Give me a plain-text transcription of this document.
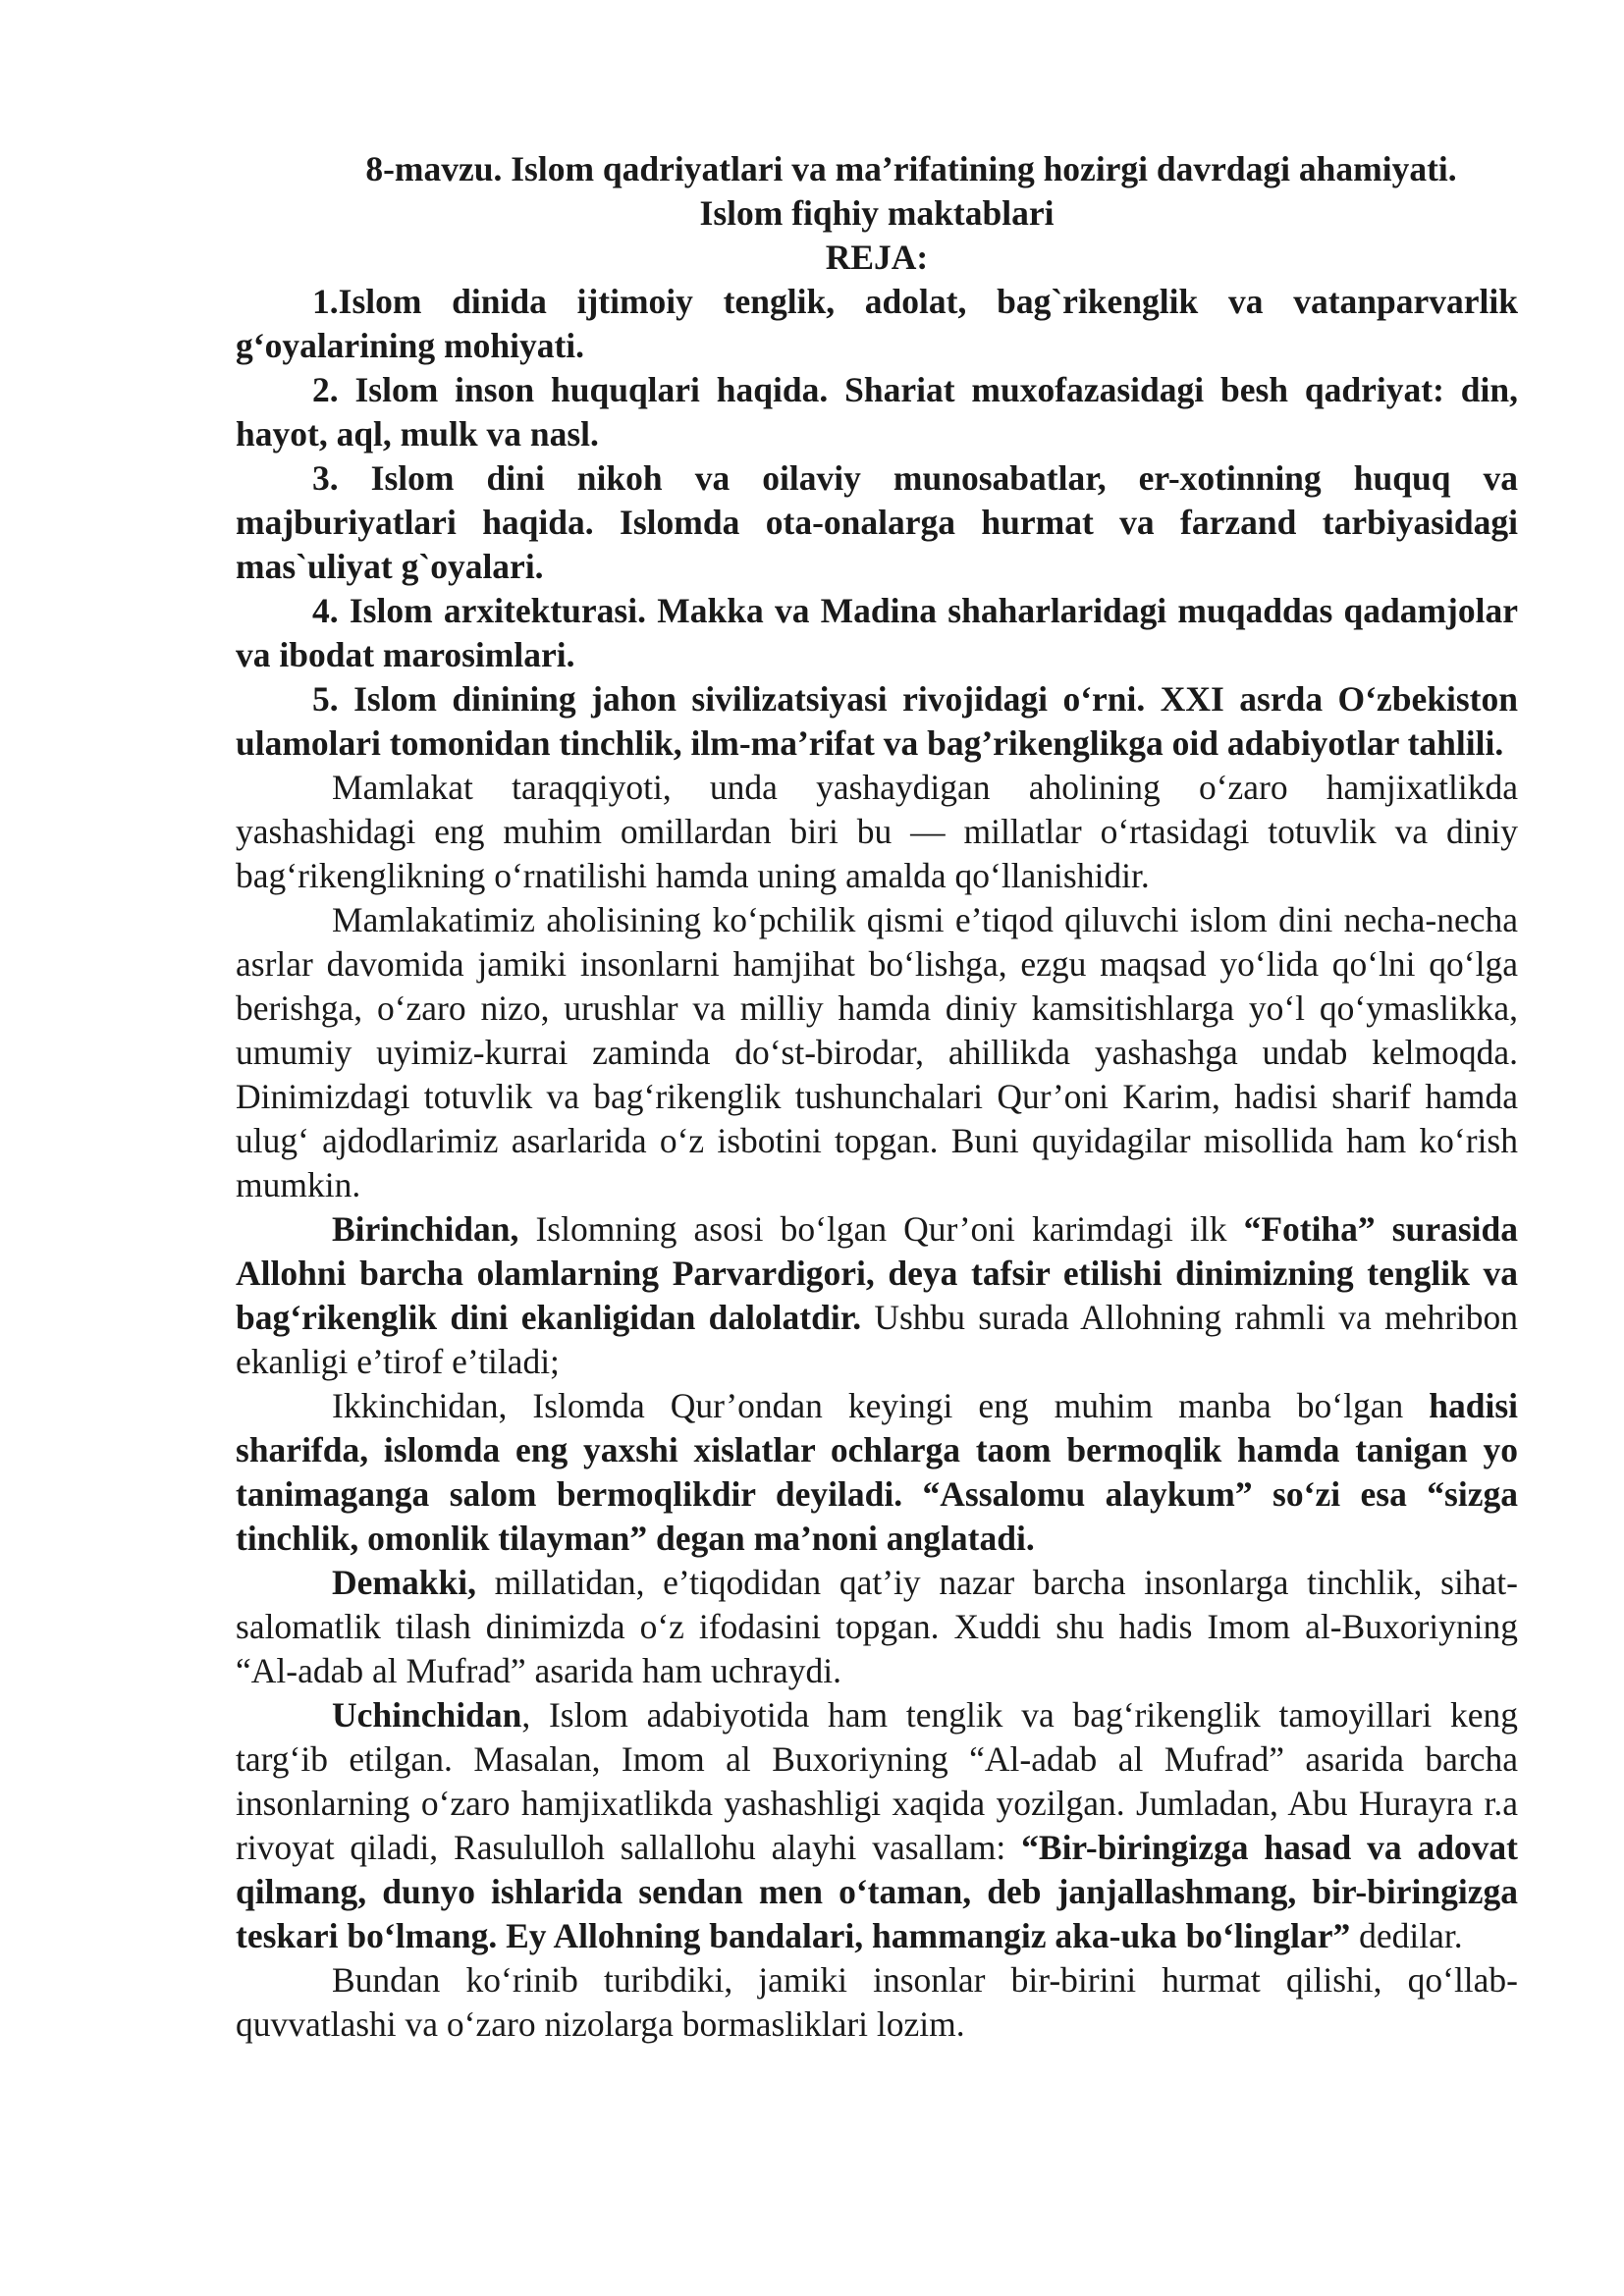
8-mavzu. Islom qadriyatlari va ma’rifatining hozirgi davrdagi ahamiyati.
Islom fiqhiy maktablari
REJA:

1.Islom dinida ijtimoiy tenglik, adolat, bag`rikenglik va vatanparvarlik g‘oyalarining mohiyati.

2. Islom inson huquqlari haqida. Shariat muxofazasidagi besh qadriyat: din, hayot, aql, mulk va nasl.

3. Islom dini nikoh va oilaviy munosabatlar, er-xotinning huquq va majburiyatlari haqida. Islomda ota-onalarga hurmat va farzand tarbiyasidagi mas`uliyat g`oyalari.

4. Islom arxitekturasi. Makka va Madina shaharlaridagi muqaddas qadamjolar va ibodat marosimlari.

5. Islom dinining jahon sivilizatsiyasi rivojidagi o‘rni. XXI asrda O‘zbekiston ulamolari tomonidan tinchlik, ilm-ma’rifat va bag’rikenglikga oid adabiyotlar tahlili.

Mamlakat taraqqiyoti, unda yashaydigan aholining o‘zaro hamjixatlikda yashashidagi eng muhim omillardan biri bu — millatlar o‘rtasidagi totuvlik va diniy bag‘rikenglikning o‘rnatilishi hamda uning amalda qo‘llanishidir.

Mamlakatimiz aholisining ko‘pchilik qismi e’tiqod qiluvchi islom dini necha-necha asrlar davomida jamiki insonlarni hamjihat bo‘lishga, ezgu maqsad yo‘lida qo‘lni qo‘lga berishga, o‘zaro nizo, urushlar va milliy hamda diniy kamsitishlarga yo‘l qo‘ymaslikka, umumiy uyimiz-kurrai zaminda do‘st-birodar, ahillikda yashashga undab kelmoqda. Dinimizdagi totuvlik va bag‘rikenglik tushunchalari Qur’oni Karim, hadisi sharif hamda ulug‘ ajdodlarimiz asarlarida o‘z isbotini topgan. Buni quyidagilar misollida ham ko‘rish mumkin.

Birinchidan, Islomning asosi bo‘lgan Qur’oni karimdagi ilk “Fotiha” surasida Allohni barcha olamlarning Parvardigori, deya tafsir etilishi dinimizning tenglik va bag‘rikenglik dini ekanligidan dalolatdir. Ushbu surada Allohning rahmli va mehribon ekanligi e’tirof e’tiladi;

Ikkinchidan, Islomda Qur’ondan keyingi eng muhim manba bo‘lgan hadisi sharifda, islomda eng yaxshi xislatlar ochlarga taom bermoqlik hamda tanigan yo tanimaganga salom bermoqlikdir deyiladi. “Assalomu alaykum” so‘zi esa “sizga tinchlik, omonlik tilayman” degan ma’noni anglatadi.

Demakki, millatidan, e’tiqodidan qat’iy nazar barcha insonlarga tinchlik, sihat-salomatlik tilash dinimizda o‘z ifodasini topgan. Xuddi shu hadis Imom al-Buxoriyning “Al-adab al Mufrad” asarida ham uchraydi.

Uchinchidan, Islom adabiyotida ham tenglik va bag‘rikenglik tamoyillari keng targ‘ib etilgan. Masalan, Imom al Buxoriyning “Al-adab al Mufrad” asarida barcha insonlarning o‘zaro hamjixatlikda yashashligi xaqida yozilgan. Jumladan, Abu Hurayra r.a rivoyat qiladi, Rasululloh sallallohu alayhi vasallam: “Bir-biringizga hasad va adovat qilmang, dunyo ishlarida sendan men o‘taman, deb janjallashmang, bir-biringizga teskari bo‘lmang. Ey Allohning bandalari, hammangiz aka-uka bo‘linglar” dedilar.

Bundan ko‘rinib turibdiki, jamiki insonlar bir-birini hurmat qilishi, qo‘llab-quvvatlashi va o‘zaro nizolarga bormasliklari lozim.
